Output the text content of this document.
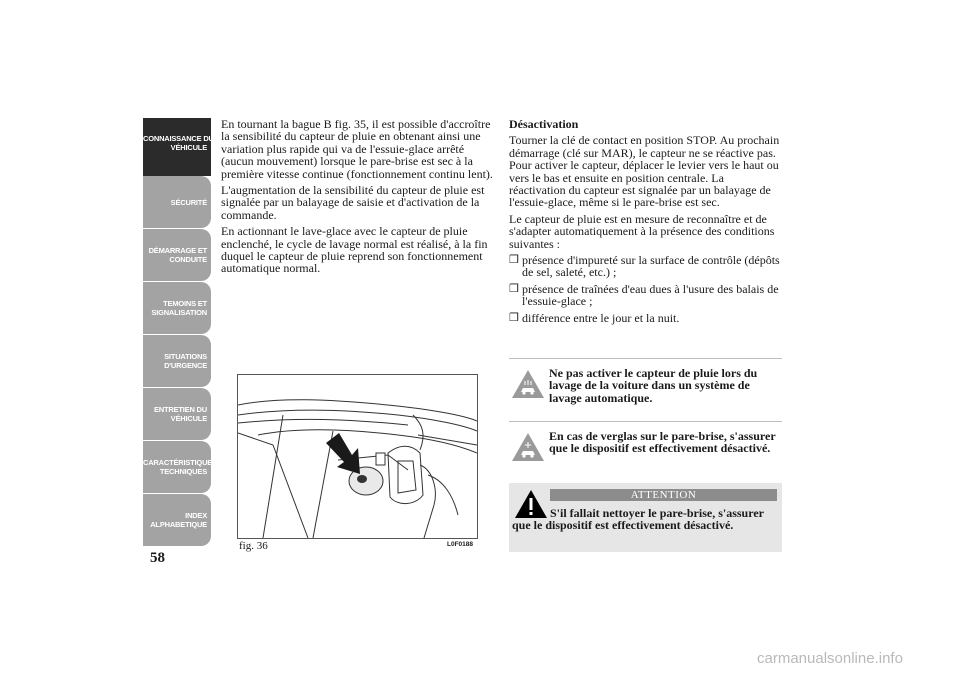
CONNAISSANCE DU
VÉHICULE
SÉCURITÉ
DÉMARRAGE ET
CONDUITE
TEMOINS ET
SIGNALISATION
SITUATIONS
D'URGENCE
ENTRETIEN DU
VÉHICULE
CARACTÉRISTIQUES
TECHNIQUES
INDEX
ALPHABETIQUE
58

En tournant la bague B fig. 35, il est possible d'accroître la sensibilité du capteur de pluie en obtenant ainsi une variation plus rapide qui va de l'essuie-glace arrêté (aucun mouvement) lorsque le pare-brise est sec à la première vitesse continue (fonctionnement continu lent).

L'augmentation de la sensibilité du capteur de pluie est signalée par un balayage de saisie et d'activation de la commande.

En actionnant le lave-glace avec le capteur de pluie enclenché, le cycle de lavage normal est réalisé, à la fin duquel le capteur de pluie reprend son fonctionnement automatique normal.

fig. 36	L0F0188

Désactivation

Tourner la clé de contact en position STOP. Au prochain démarrage (clé sur MAR), le capteur ne se réactive pas. Pour activer le capteur, déplacer le levier vers le haut ou vers le bas et ensuite en position centrale. La réactivation du capteur est signalée par un balayage de l'essuie-glace, même si le pare-brise est sec.

Le capteur de pluie est en mesure de reconnaître et de s'adapter automatiquement à la présence des conditions suivantes :

❒ présence d'impureté sur la surface de contrôle (dépôts de sel, saleté, etc.) ;
❒ présence de traînées d'eau dues à l'usure des balais de l'essuie-glace ;
❒ différence entre le jour et la nuit.
Ne pas activer le capteur de pluie lors du lavage de la voiture dans un système de lavage automatique.
En cas de verglas sur le pare-brise, s'assurer que le dispositif est effectivement désactivé.
ATTENTION
S'il fallait nettoyer le pare-brise, s'assurer que le dispositif est effectivement désactivé.
carmanualsonline.info
